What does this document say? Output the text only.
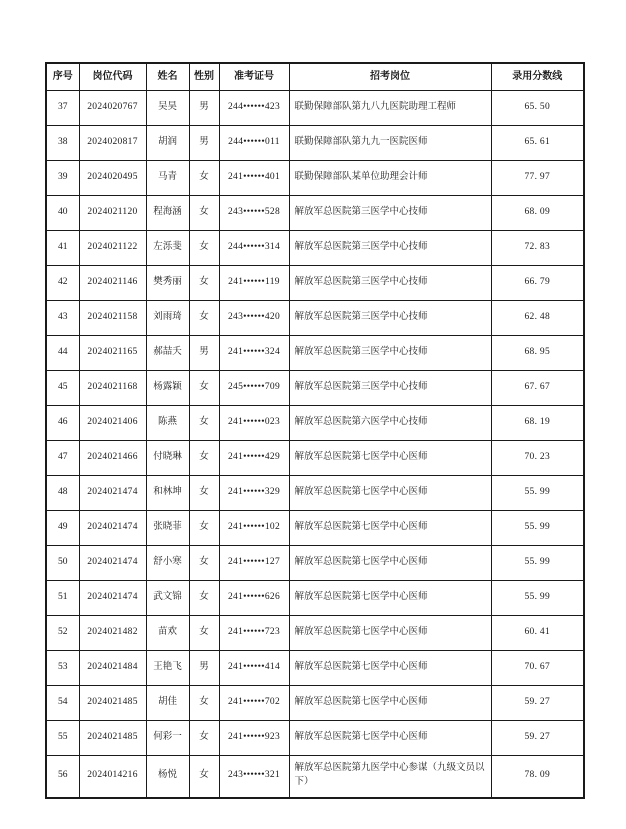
序号	岗位代码	姓名	性别	准考证号	招考岗位	录用分数线
37	2024020767	吴昊	男	244••••••423	联勤保障部队第九八九医院助理工程师	65. 50
38	2024020817	胡润	男	244••••••011	联勤保障部队第九九一医院医师	65. 61
39	2024020495	马青	女	241••••••401	联勤保障部队某单位助理会计师	77. 97
40	2024021120	程海涵	女	243••••••528	解放军总医院第三医学中心技师	68. 09
41	2024021122	左泺斐	女	244••••••314	解放军总医院第三医学中心技师	72. 83
42	2024021146	樊秀丽	女	241••••••119	解放军总医院第三医学中心技师	66. 79
43	2024021158	刘雨琦	女	243••••••420	解放军总医院第三医学中心技师	62. 48
44	2024021165	郝喆夭	男	241••••••324	解放军总医院第三医学中心技师	68. 95
45	2024021168	杨露颖	女	245••••••709	解放军总医院第三医学中心技师	67. 67
46	2024021406	陈燕	女	241••••••023	解放军总医院第六医学中心技师	68. 19
47	2024021466	付晓琳	女	241••••••429	解放军总医院第七医学中心医师	70. 23
48	2024021474	和林坤	女	241••••••329	解放军总医院第七医学中心医师	55. 99
49	2024021474	张晓菲	女	241••••••102	解放军总医院第七医学中心医师	55. 99
50	2024021474	舒小寒	女	241••••••127	解放军总医院第七医学中心医师	55. 99
51	2024021474	武文锦	女	241••••••626	解放军总医院第七医学中心医师	55. 99
52	2024021482	苗欢	女	241••••••723	解放军总医院第七医学中心医师	60. 41
53	2024021484	王艳飞	男	241••••••414	解放军总医院第七医学中心医师	70. 67
54	2024021485	胡佳	女	241••••••702	解放军总医院第七医学中心医师	59. 27
55	2024021485	何彩一	女	241••••••923	解放军总医院第七医学中心医师	59. 27
56	2024014216	杨悦	女	243••••••321	解放军总医院第九医学中心参谋（九级文员以下）	78. 09
